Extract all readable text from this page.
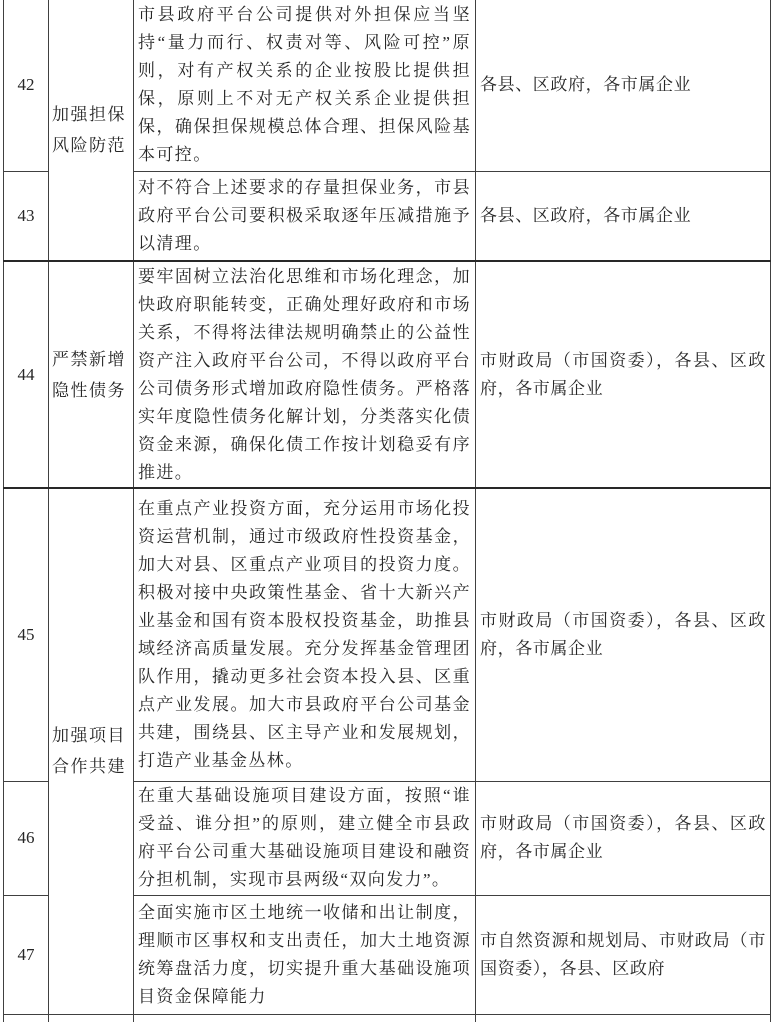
42	加强担保风险防范	市县政府平台公司提供对外担保应当坚持“量力而行、权责对等、风险可控”原则，对有产权关系的企业按股比提供担保，原则上不对无产权关系企业提供担保，确保担保规模总体合理、担保风险基本可控。	各县、区政府，各市属企业
43		对不符合上述要求的存量担保业务，市县政府平台公司要积极采取逐年压减措施予以清理。	各县、区政府，各市属企业
44	严禁新增隐性债务	要牢固树立法治化思维和市场化理念，加快政府职能转变，正确处理好政府和市场关系，不得将法律法规明确禁止的公益性资产注入政府平台公司，不得以政府平台公司债务形式增加政府隐性债务。严格落实年度隐性债务化解计划，分类落实化债资金来源，确保化债工作按计划稳妥有序推进。	市财政局（市国资委），各县、区政府，各市属企业
45	加强项目合作共建	在重点产业投资方面，充分运用市场化投资运营机制，通过市级政府性投资基金，加大对县、区重点产业项目的投资力度。积极对接中央政策性基金、省十大新兴产业基金和国有资本股权投资基金，助推县域经济高质量发展。充分发挥基金管理团队作用，撬动更多社会资本投入县、区重点产业发展。加大市县政府平台公司基金共建，围绕县、区主导产业和发展规划，打造产业基金丛林。	市财政局（市国资委），各县、区政府，各市属企业
46		在重大基础设施项目建设方面，按照“谁受益、谁分担”的原则，建立健全市县政府平台公司重大基础设施项目建设和融资分担机制，实现市县两级“双向发力”。	市财政局（市国资委），各县、区政府，各市属企业
47		全面实施市区土地统一收储和出让制度，理顺市区事权和支出责任，加大土地资源统筹盘活力度，切实提升重大基础设施项目资金保障能力	市自然资源和规划局、市财政局（市国资委），各县、区政府
